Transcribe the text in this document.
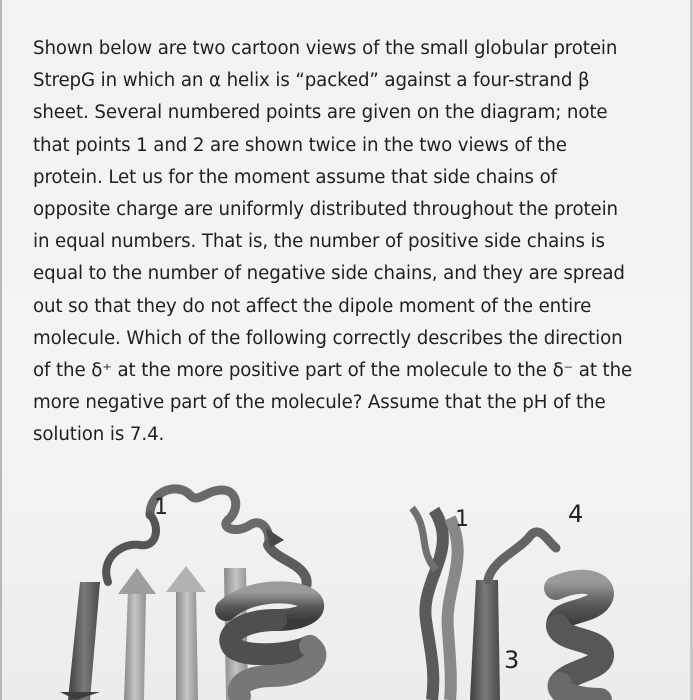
Shown below are two cartoon views of the small globular protein
StrepG in which an α helix is “packed” against a four-strand β
sheet. Several numbered points are given on the diagram; note
that points 1 and 2 are shown twice in the two views of the
protein. Let us for the moment assume that side chains of
opposite charge are uniformly distributed throughout the protein
in equal numbers. That is, the number of positive side chains is
equal to the number of negative side chains, and they are spread
out so that they do not affect the dipole moment of the entire
molecule. Which of the following correctly describes the direction
of the δ⁺ at the more positive part of the molecule to the δ⁻ at the
more negative part of the molecule? Assume that the pH of the
solution is 7.4.

1	1	4
3
